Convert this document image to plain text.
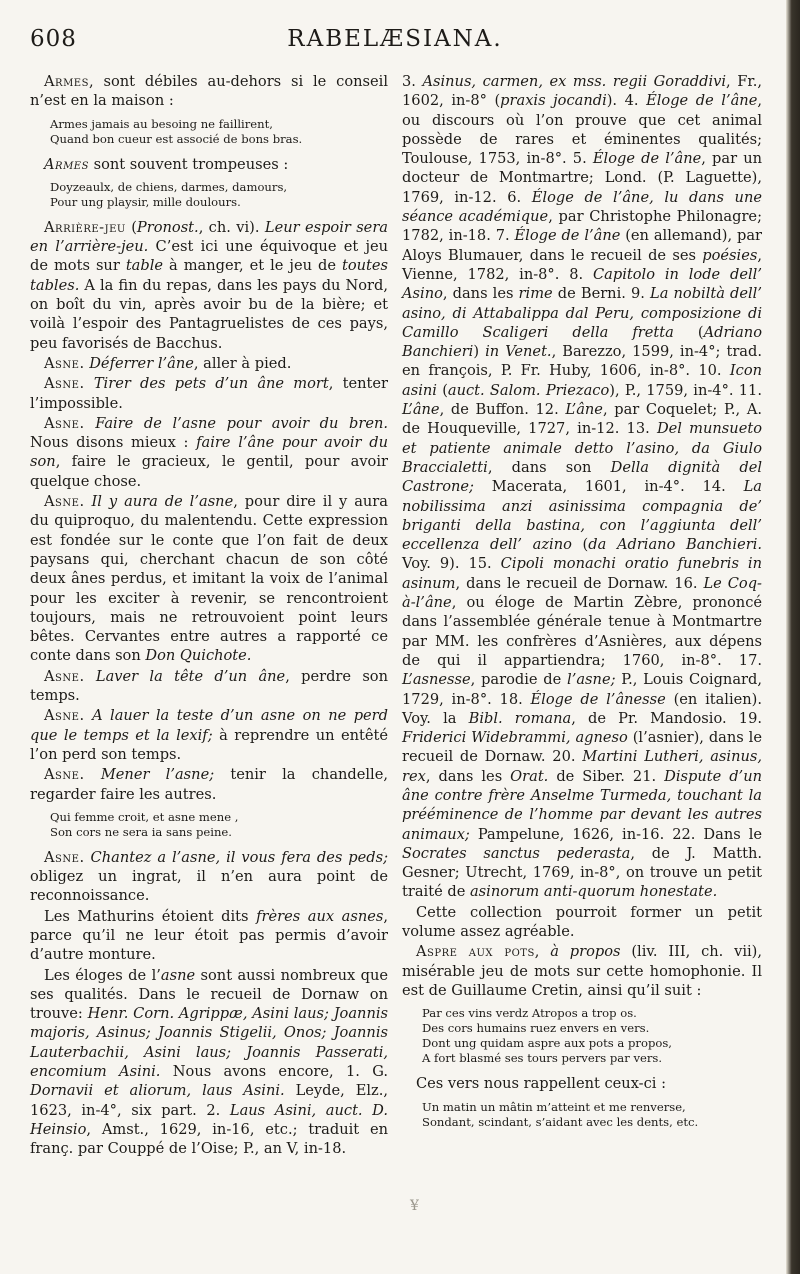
608	RABELÆSIANA.

Armes, sont débiles au-dehors si le conseil n’est en la maison :

Armes jamais au besoing ne faillirent,
Quand bon cueur est associé de bons bras.

Armes sont souvent trompeuses :

Doyzeaulx, de chiens, darmes, damours,
Pour ung playsir, mille doulours.

Arrière-jeu (Pronost., ch. vi). Leur espoir sera en l’arrière-jeu. C’est ici une équivoque et jeu de mots sur table à manger, et le jeu de toutes tables. A la fin du repas, dans les pays du Nord, on boît du vin, après avoir bu de la bière; et voilà l’espoir des Pantagruelistes de ces pays, peu favorisés de Bacchus.

Asne. Déferrer l’âne, aller à pied.

Asne. Tirer des pets d’un âne mort, tenter l’impossible.

Asne. Faire de l’asne pour avoir du bren. Nous disons mieux : faire l’âne pour avoir du son, faire le gracieux, le gentil, pour avoir quelque chose.

Asne. Il y aura de l’asne, pour dire il y aura du quiproquo, du malentendu. Cette expression est fondée sur le conte que l’on fait de deux paysans qui, cherchant chacun de son côté deux ânes perdus, et imitant la voix de l’animal pour les exciter à revenir, se rencontroient toujours, mais ne retrouvoient point leurs bêtes. Cervantes entre autres a rapporté ce conte dans son Don Quichote.

Asne. Laver la tête d’un âne, perdre son temps.

Asne. A lauer la teste d’un asne on ne perd que le temps et la lexif; à reprendre un entêté l’on perd son temps.

Asne. Mener l’asne; tenir la chandelle, regarder faire les autres.

Qui femme croit, et asne mene ,
Son cors ne sera ia sans peine.

Asne. Chantez a l’asne, il vous fera des peds; obligez un ingrat, il n’en aura point de reconnoissance.

Les Mathurins étoient dits frères aux asnes, parce qu’il ne leur étoit pas permis d’avoir d’autre monture.

Les éloges de l’asne sont aussi nombreux que ses qualités. Dans le recueil de Dornaw on trouve: Henr. Corn. Agrippæ, Asini laus; Joannis majoris, Asinus; Joannis Stigelii, Onos; Joannis Lauterbachii, Asini laus; Joannis Passerati, encomium Asini. Nous avons encore, 1. G. Dornavii et aliorum, laus Asini. Leyde, Elz., 1623, in-4°, six part. 2. Laus Asini, auct. D. Heinsio, Amst., 1629, in-16, etc.; traduit en franç. par Couppé de l’Oise; P., an V, in-18.

3. Asinus, carmen, ex mss. regii Goraddivi, Fr., 1602, in-8° (praxis jocandi). 4. Éloge de l’âne, ou discours où l’on prouve que cet animal possède de rares et éminentes qualités; Toulouse, 1753, in-8°. 5. Éloge de l’âne, par un docteur de Montmartre; Lond. (P. Laguette), 1769, in-12. 6. Éloge de l’âne, lu dans une séance académique, par Christophe Philonagre; 1782, in-18. 7. Éloge de l’âne (en allemand), par Aloys Blumauer, dans le recueil de ses poésies, Vienne, 1782, in-8°. 8. Capitolo in lode dell’ Asino, dans les rime de Berni. 9. La nobiltà dell’ asino, di Attabalippa dal Peru, composizione di Camillo Scaligeri della fretta (Adriano Banchieri) in Venet., Barezzo, 1599, in-4°; trad. en françois, P. Fr. Huby, 1606, in-8°. 10. Icon asini (auct. Salom. Priezaco), P., 1759, in-4°. 11. L’âne, de Buffon. 12. L’âne, par Coquelet; P., A. de Houqueville, 1727, in-12. 13. Del munsueto et patiente animale detto l’asino, da Giulo Braccialetti, dans son Della dignità del Castrone; Macerata, 1601, in-4°. 14. La nobilissima anzi asinissima compagnia de’ briganti della bastina, con l’aggiunta dell’ eccellenza dell’ azino (da Adriano Banchieri. Voy. 9). 15. Cipoli monachi oratio funebris in asinum, dans le recueil de Dornaw. 16. Le Coq-à-l’âne, ou éloge de Martin Zèbre, prononcé dans l’assemblée générale tenue à Montmartre par MM. les confrères d’Asnières, aux dépens de qui il appartiendra; 1760, in-8°. 17. L’asnesse, parodie de l’asne; P., Louis Coignard, 1729, in-8°. 18. Éloge de l’ânesse (en italien). Voy. la Bibl. romana, de Pr. Mandosio. 19. Friderici Widebrammi, agneso (l’asnier), dans le recueil de Dornaw. 20. Martini Lutheri, asinus, rex, dans les Orat. de Siber. 21. Dispute d’un âne contre frère Anselme Turmeda, touchant la prééminence de l’homme par devant les autres animaux; Pampelune, 1626, in-16. 22. Dans le Socrates sanctus pederasta, de J. Matth. Gesner; Utrecht, 1769, in-8°, on trouve un petit traité de asinorum anti-quorum honestate.

Cette collection pourroit former un petit volume assez agréable.

Aspre aux pots, à propos (liv. III, ch. vii), misérable jeu de mots sur cette homophonie. Il est de Guillaume Cretin, ainsi qu’il suit :

Par ces vins verdz Atropos a trop os.
Des cors humains ruez envers en vers.
Dont ung quidam aspre aux pots a propos,
A fort blasmé ses tours pervers par vers.

Ces vers nous rappellent ceux-ci :

Un matin un mâtin m’atteint et me renverse,
Sondant, scindant, s’aidant avec les dents, etc.
¥
